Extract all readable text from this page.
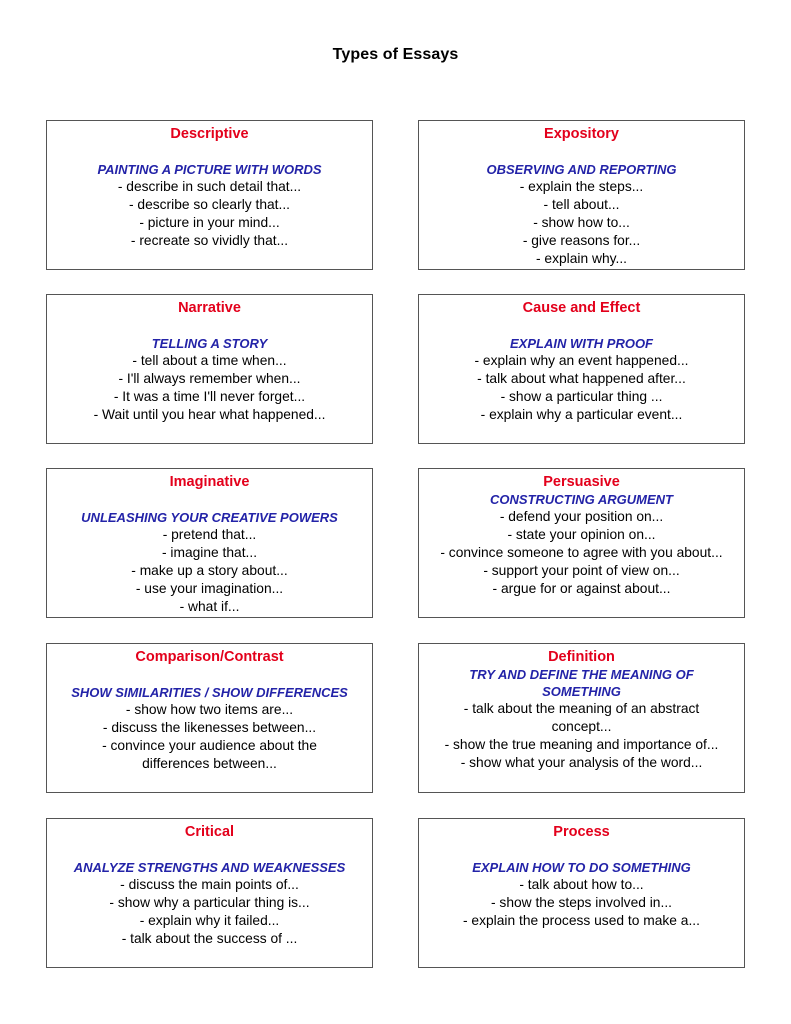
Types of Essays
Descriptive
PAINTING A PICTURE WITH WORDS
- describe in such detail that...
- describe so clearly that...
- picture in your mind...
- recreate so vividly that...
Expository
OBSERVING AND REPORTING
- explain the steps...
- tell about...
- show how to...
- give reasons for...
- explain why...
Narrative
TELLING A STORY
- tell about a time when...
- I'll always remember when...
- It was a time I'll never forget...
- Wait until you hear what happened...
Cause and Effect
EXPLAIN WITH PROOF
- explain why an event happened...
- talk about what happened after...
- show a particular thing ...
- explain why a particular event...
Imaginative
UNLEASHING YOUR CREATIVE POWERS
- pretend that...
- imagine that...
- make up a story about...
- use your imagination...
- what if...
Persuasive
CONSTRUCTING ARGUMENT
- defend your position on...
- state your opinion on...
- convince someone to agree with you about...
- support your point of view on...
- argue for or against about...
Comparison/Contrast
SHOW SIMILARITIES / SHOW DIFFERENCES
- show how two items are...
- discuss the likenesses between...
- convince your audience about the differences between...
Definition
TRY AND DEFINE THE MEANING OF SOMETHING
- talk about the meaning of an abstract concept...
- show the true meaning and importance of...
- show what your analysis of the word...
Critical
ANALYZE STRENGTHS AND WEAKNESSES
- discuss the main points of...
- show why a particular thing is...
- explain why it failed...
- talk about the success of ...
Process
EXPLAIN HOW TO DO SOMETHING
- talk about how to...
- show the steps involved in...
- explain the process used to make a...
